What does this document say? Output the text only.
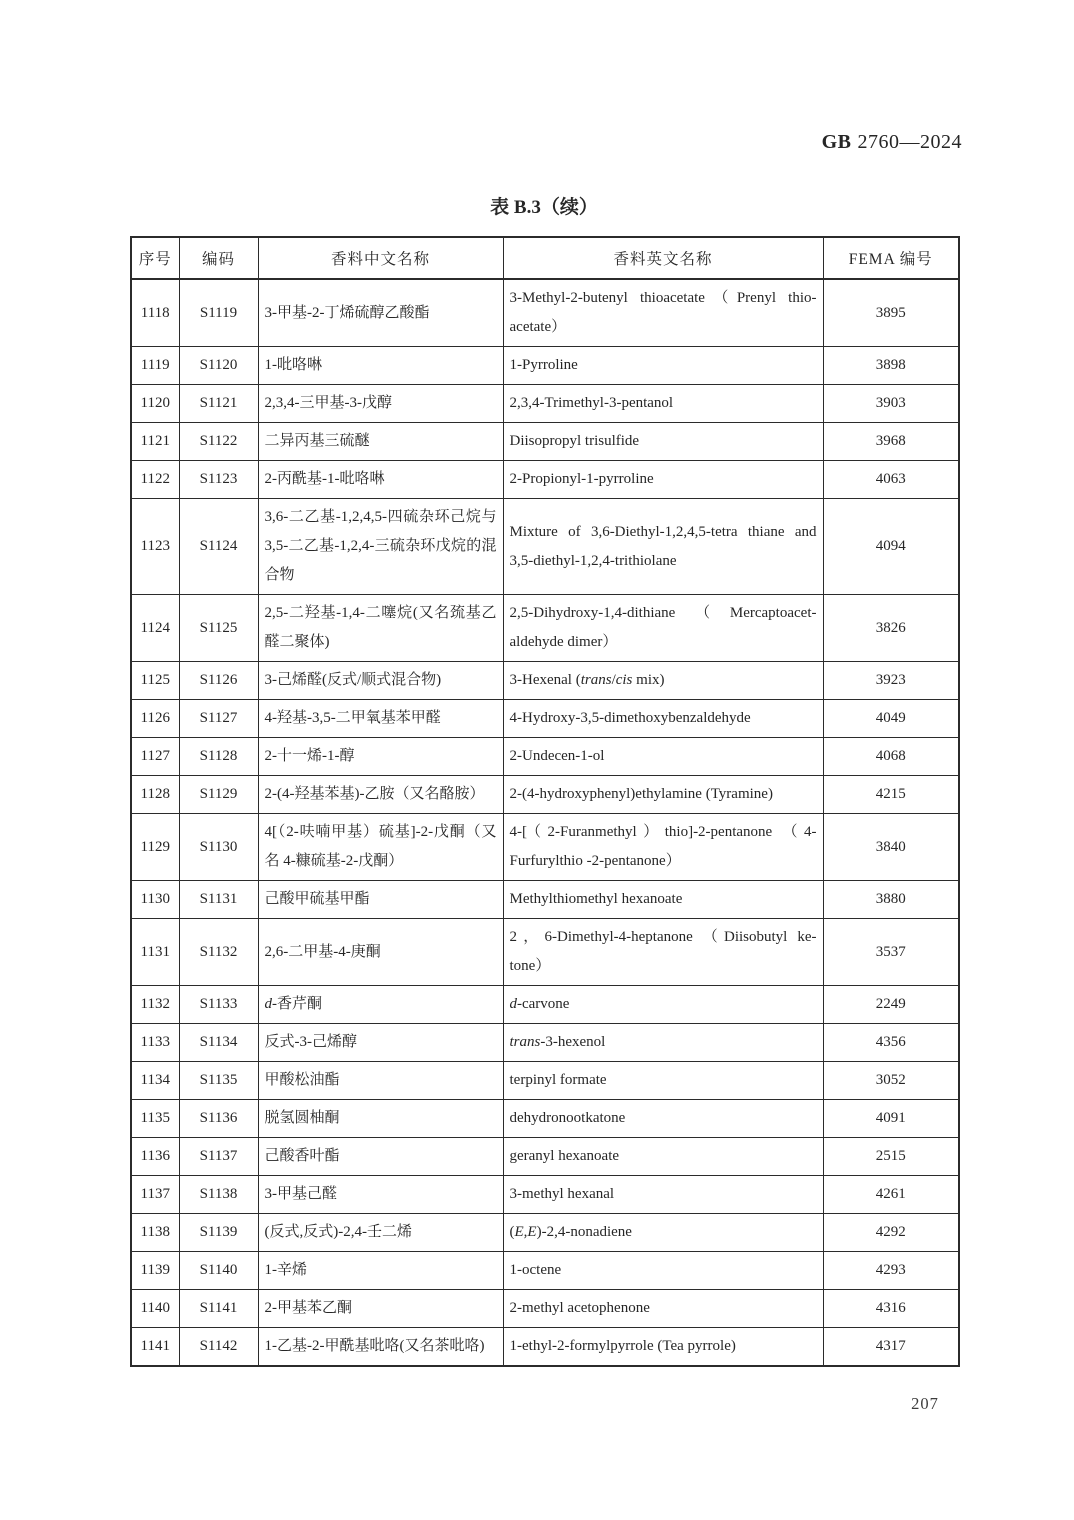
GB 2760—2024
表 B.3（续）
序号	编码	香料中文名称	香料英文名称	FEMA 编号
1118	S1119	3-甲基-2-丁烯硫醇乙酸酯	3-Methyl-2-butenyl thioacetate（Prenyl thio-acetate）	3895
1119	S1120	1-吡咯啉	1-Pyrroline	3898
1120	S1121	2,3,4-三甲基-3-戊醇	2,3,4-Trimethyl-3-pentanol	3903
1121	S1122	二异丙基三硫醚	Diisopropyl trisulfide	3968
1122	S1123	2-丙酰基-1-吡咯啉	2-Propionyl-1-pyrroline	4063
1123	S1124	3,6-二乙基-1,2,4,5-四硫杂环己烷与 3,5-二乙基-1,2,4-三硫杂环戊烷的混合物	Mixture of 3,6-Diethyl-1,2,4,5-tetra thiane and 3,5-diethyl-1,2,4-trithiolane	4094
1124	S1125	2,5-二羟基-1,4-二噻烷(又名巯基乙醛二聚体)	2,5-Dihydroxy-1,4-dithiane（Mercaptoacet-aldehyde dimer）	3826
1125	S1126	3-己烯醛(反式/顺式混合物)	3-Hexenal (trans/cis mix)	3923
1126	S1127	4-羟基-3,5-二甲氧基苯甲醛	4-Hydroxy-3,5-dimethoxybenzaldehyde	4049
1127	S1128	2-十一烯-1-醇	2-Undecen-1-ol	4068
1128	S1129	2-(4-羟基苯基)-乙胺（又名酪胺）	2-(4-hydroxyphenyl)ethylamine (Tyramine)	4215
1129	S1130	4[（2-呋喃甲基）硫基]-2-戊酮（又名 4-糠硫基-2-戊酮）	4-[（2-Furanmethyl）thio]-2-pentanone （4-Furfurylthio -2-pentanone）	3840
1130	S1131	己酸甲硫基甲酯	Methylthiomethyl hexanoate	3880
1131	S1132	2,6-二甲基-4-庚酮	2，6-Dimethyl-4-heptanone （Diisobutyl ke-tone）	3537
1132	S1133	d-香芹酮	d-carvone	2249
1133	S1134	反式-3-己烯醇	trans-3-hexenol	4356
1134	S1135	甲酸松油酯	terpinyl formate	3052
1135	S1136	脱氢圆柚酮	dehydronootkatone	4091
1136	S1137	己酸香叶酯	geranyl hexanoate	2515
1137	S1138	3-甲基己醛	3-methyl hexanal	4261
1138	S1139	(反式,反式)-2,4-壬二烯	(E,E)-2,4-nonadiene	4292
1139	S1140	1-辛烯	1-octene	4293
1140	S1141	2-甲基苯乙酮	2-methyl acetophenone	4316
1141	S1142	1-乙基-2-甲酰基吡咯(又名茶吡咯)	1-ethyl-2-formylpyrrole (Tea pyrrole)	4317
207
